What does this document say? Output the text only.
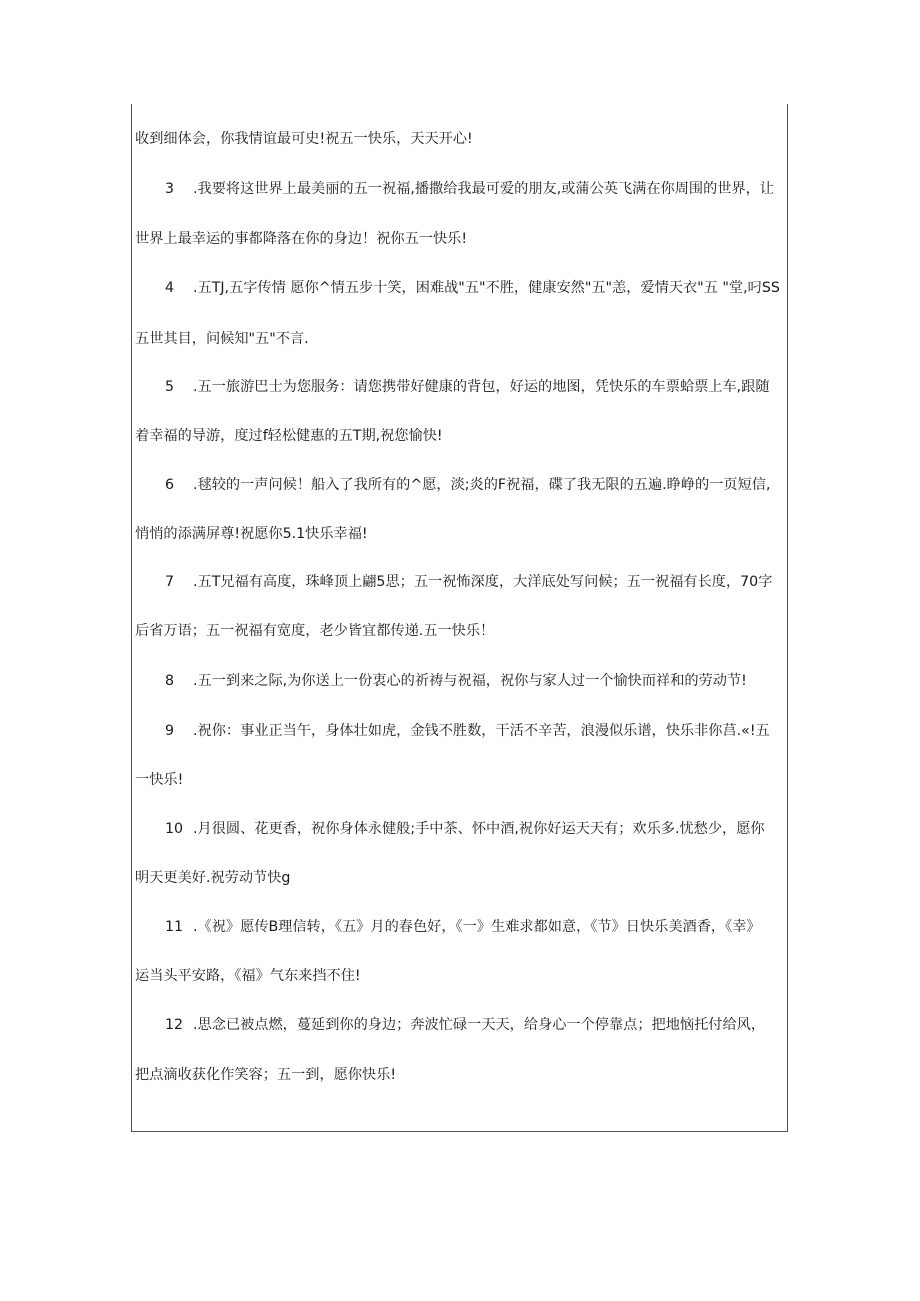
收到细体会，你我情谊最可史!祝五一快乐，天天开心!
3 .我要将这世界上最美丽的五一祝福,播撒给我最可爱的朋友,或蒲公英飞满在你周围的世界，让
世界上最幸运的事都降落在你的身边！祝你五一快乐!
4 .五TJ,五字传情 愿你^情五步十笑，困难战"五"不胜，健康安然"五"恙，爱情天衣"五 "堂,叼SS
五世其目，问候知"五"不言.
5 .五一旅游巴士为您服务：请您携带好健康的背包，好运的地图，凭快乐的车票蛤票上车,跟随
着幸福的导游，度过f轻松健惠的五T期,祝您愉快!
6 .毬较的一声问候！船入了我所有的^愿，淡;炎的F祝福，碟了我无限的五遍.睁峥的一页短信,
悄悄的添满屏尊!祝愿你5.1快乐幸福!
7 .五T兄福有高度，珠峰顶上翩5思；五一祝怖深度，大洋底处写问候；五一祝福有长度，70字
后省万语；五一祝福有宽度，老少皆宜都传递.五一快乐！
8 .五一到来之际,为你送上一份衷心的祈祷与祝福，祝你与家人过一个愉快而祥和的劳动节!
9 .祝你：事业正当午，身体壮如虎，金钱不胜数，干活不辛苦，浪漫似乐谱，快乐非你莒.«!五
一快乐!
10 .月很圆、花更香，祝你身体永健般;手中茶、怀中酒,祝你好运天天有；欢乐多.忧愁少，愿你
明天更美好.祝劳动节快g
11 .《祝》愿传B理信转，《五》月的春色好，《一》生难求都如意，《节》日快乐美酒香，《幸》
运当头平安路，《福》气东来挡不住!
12 .思念已被点燃，蔓延到你的身边；奔波忙碌一天天，给身心一个停靠点；把地恼托付给风，
把点滴收获化作笑容；五一到，愿你快乐!
